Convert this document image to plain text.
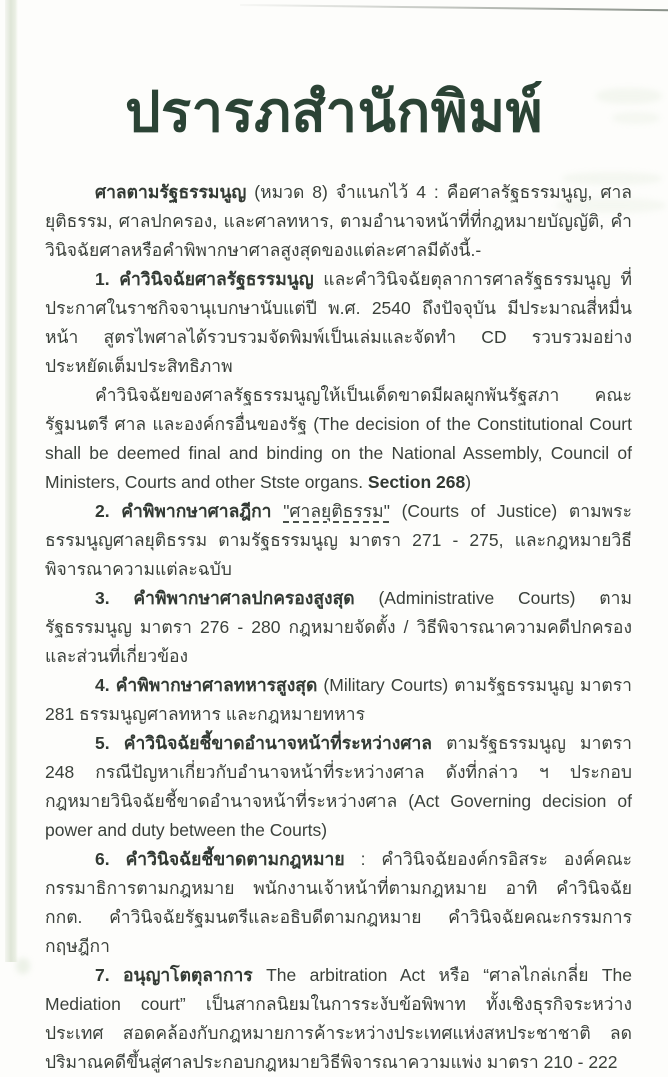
ปรารภสำนักพิมพ์

ศาลตามรัฐธรรมนูญ (หมวด 8) จำแนกไว้ 4 : คือศาลรัฐธรรมนูญ, ศาลยุติธรรม, ศาลปกครอง, และศาลทหาร, ตามอำนาจหน้าที่ที่กฎหมายบัญญัติ, คำวินิจฉัยศาลหรือคำพิพากษาศาลสูงสุดของแต่ละศาลมีดังนี้.-

1. คำวินิจฉัยศาลรัฐธรรมนูญ และคำวินิจฉัยตุลาการศาลรัฐธรรมนูญ ที่ประกาศในราชกิจจานุเบกษานับแต่ปี พ.ศ. 2540 ถึงปัจจุบัน มีประมาณสี่หมื่นหน้า สูตรไพศาลได้รวบรวมจัดพิมพ์เป็นเล่มและจัดทำ CD รวบรวมอย่างประหยัดเต็มประสิทธิภาพ

คำวินิจฉัยของศาลรัฐธรรมนูญให้เป็นเด็ดขาดมีผลผูกพันรัฐสภา คณะรัฐมนตรี ศาล และองค์กรอื่นของรัฐ (The decision of the Constitutional Court shall be deemed final and binding on the National Assembly, Council of Ministers, Courts and other Stste organs. Section 268)

2. คำพิพากษาศาลฎีกา "ศาลยุติธรรม" (Courts of Justice) ตามพระธรรมนูญศาลยุติธรรม ตามรัฐธรรมนูญ มาตรา 271 - 275, และกฎหมายวิธีพิจารณาความแต่ละฉบับ

3. คำพิพากษาศาลปกครองสูงสุด (Administrative Courts) ตามรัฐธรรมนูญ มาตรา 276 - 280 กฎหมายจัดตั้ง / วิธีพิจารณาความคดีปกครอง และส่วนที่เกี่ยวข้อง

4. คำพิพากษาศาลทหารสูงสุด (Military Courts) ตามรัฐธรรมนูญ มาตรา 281 ธรรมนูญศาลทหาร และกฎหมายทหาร

5. คำวินิจฉัยชี้ขาดอำนาจหน้าที่ระหว่างศาล ตามรัฐธรรมนูญ มาตรา 248 กรณีปัญหาเกี่ยวกับอำนาจหน้าที่ระหว่างศาล ดังที่กล่าว ฯ ประกอบกฎหมายวินิจฉัยชี้ขาดอำนาจหน้าที่ระหว่างศาล (Act Governing decision of power and duty between the Courts)

6. คำวินิจฉัยชี้ขาดตามกฎหมาย : คำวินิจฉัยองค์กรอิสระ องค์คณะกรรมาธิการตามกฎหมาย พนักงานเจ้าหน้าที่ตามกฎหมาย อาทิ คำวินิจฉัย กกต. คำวินิจฉัยรัฐมนตรีและอธิบดีตามกฎหมาย คำวินิจฉัยคณะกรรมการกฤษฎีกา

7. อนุญาโตตุลาการ The arbitration Act หรือ “ศาลไกล่เกลี่ย The Mediation court” เป็นสากลนิยมในการระงับข้อพิพาท ทั้งเชิงธุรกิจระหว่างประเทศ สอดคล้องกับกฎหมายการค้าระหว่างประเทศแห่งสหประชาชาติ ลดปริมาณคดีขึ้นสู่ศาลประกอบกฎหมายวิธีพิจารณาความแพ่ง มาตรา 210 - 222
